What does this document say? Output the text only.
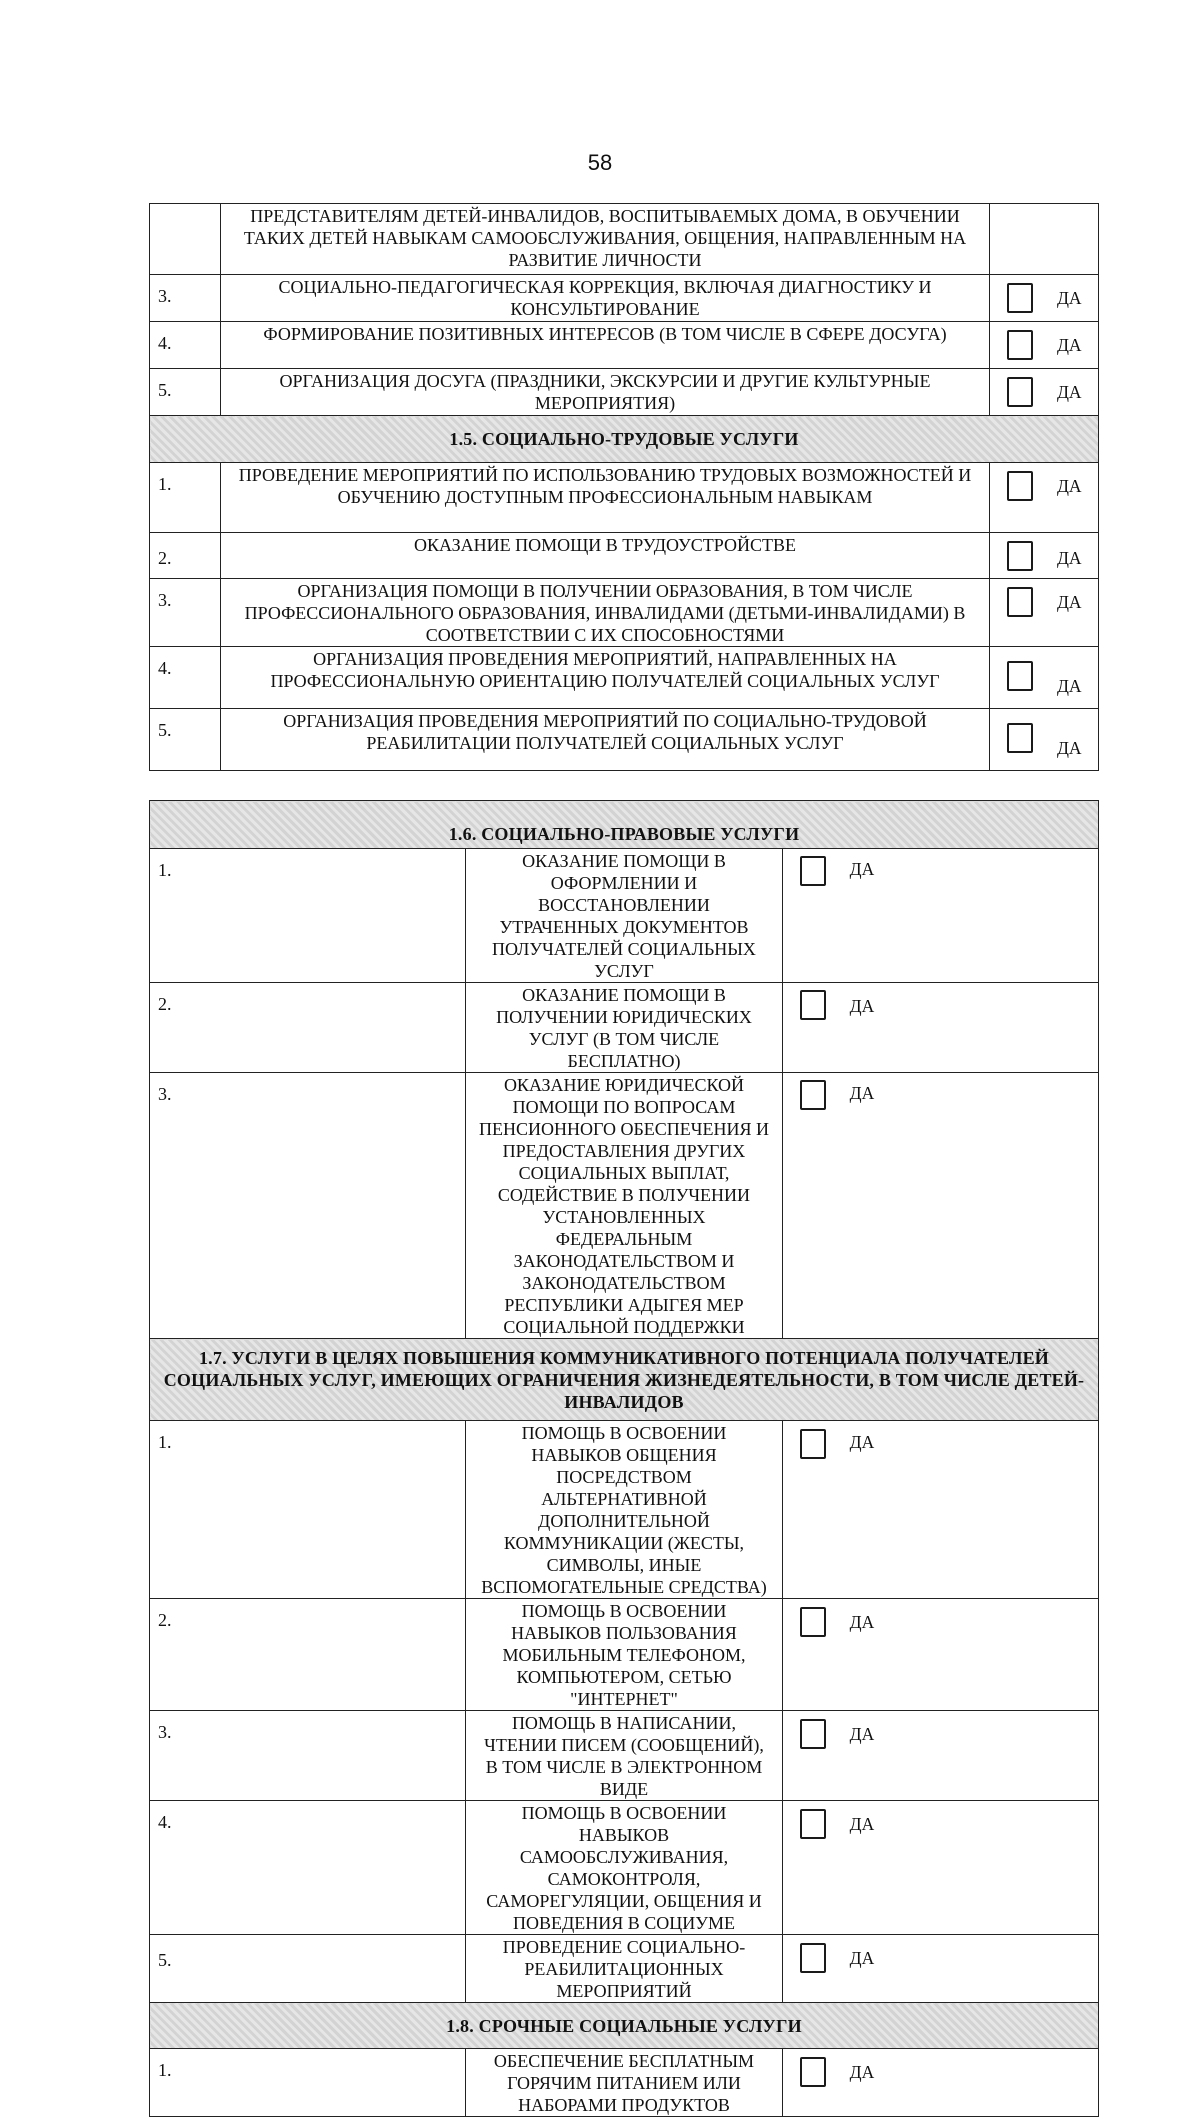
58
	ПРЕДСТАВИТЕЛЯМ ДЕТЕЙ-ИНВАЛИДОВ, ВОСПИТЫВАЕМЫХ ДОМА, В ОБУЧЕНИИ ТАКИХ ДЕТЕЙ НАВЫКАМ САМООБСЛУЖИВАНИЯ, ОБЩЕНИЯ, НАПРАВЛЕННЫМ НА РАЗВИТИЕ ЛИЧНОСТИ	
3.	СОЦИАЛЬНО-ПЕДАГОГИЧЕСКАЯ КОРРЕКЦИЯ, ВКЛЮЧАЯ ДИАГНОСТИКУ И КОНСУЛЬТИРОВАНИЕ	ДА

4.	ФОРМИРОВАНИЕ ПОЗИТИВНЫХ ИНТЕРЕСОВ (В ТОМ ЧИСЛЕ В СФЕРЕ ДОСУГА)	ДА

5.	ОРГАНИЗАЦИЯ ДОСУГА (ПРАЗДНИКИ, ЭКСКУРСИИ И ДРУГИЕ КУЛЬТУРНЫЕ МЕРОПРИЯТИЯ)	ДА

1.5. СОЦИАЛЬНО-ТРУДОВЫЕ УСЛУГИ		
1.	ПРОВЕДЕНИЕ МЕРОПРИЯТИЙ ПО ИСПОЛЬЗОВАНИЮ ТРУДОВЫХ ВОЗМОЖНОСТЕЙ И ОБУЧЕНИЮ ДОСТУПНЫМ ПРОФЕССИОНАЛЬНЫМ НАВЫКАМ	ДА

2.	ОКАЗАНИЕ ПОМОЩИ В ТРУДОУСТРОЙСТВЕ	ДА

3.	ОРГАНИЗАЦИЯ ПОМОЩИ В ПОЛУЧЕНИИ ОБРАЗОВАНИЯ, В ТОМ ЧИСЛЕ ПРОФЕССИОНАЛЬНОГО ОБРАЗОВАНИЯ, ИНВАЛИДАМИ (ДЕТЬМИ-ИНВАЛИДАМИ) В СООТВЕТСТВИИ С ИХ СПОСОБНОСТЯМИ	ДА

4.	ОРГАНИЗАЦИЯ ПРОВЕДЕНИЯ МЕРОПРИЯТИЙ, НАПРАВЛЕННЫХ НА ПРОФЕССИОНАЛЬНУЮ ОРИЕНТАЦИЮ ПОЛУЧАТЕЛЕЙ СОЦИАЛЬНЫХ УСЛУГ	ДА

5.	ОРГАНИЗАЦИЯ ПРОВЕДЕНИЯ МЕРОПРИЯТИЙ ПО СОЦИАЛЬНО-ТРУДОВОЙ РЕАБИЛИТАЦИИ ПОЛУЧАТЕЛЕЙ СОЦИАЛЬНЫХ УСЛУГ	ДА
1.6. СОЦИАЛЬНО-ПРАВОВЫЕ УСЛУГИ		
1.	ОКАЗАНИЕ ПОМОЩИ В ОФОРМЛЕНИИ И ВОССТАНОВЛЕНИИ УТРАЧЕННЫХ ДОКУМЕНТОВ ПОЛУЧАТЕЛЕЙ СОЦИАЛЬНЫХ УСЛУГ	ДА

2.	ОКАЗАНИЕ ПОМОЩИ В ПОЛУЧЕНИИ ЮРИДИЧЕСКИХ УСЛУГ (В ТОМ ЧИСЛЕ БЕСПЛАТНО)	ДА

3.	ОКАЗАНИЕ ЮРИДИЧЕСКОЙ ПОМОЩИ ПО ВОПРОСАМ ПЕНСИОННОГО ОБЕСПЕЧЕНИЯ И ПРЕДОСТАВЛЕНИЯ ДРУГИХ СОЦИАЛЬНЫХ ВЫПЛАТ, СОДЕЙСТВИЕ В ПОЛУЧЕНИИ УСТАНОВЛЕННЫХ ФЕДЕРАЛЬНЫМ ЗАКОНОДАТЕЛЬСТВОМ И ЗАКОНОДАТЕЛЬСТВОМ РЕСПУБЛИКИ АДЫГЕЯ МЕР СОЦИАЛЬНОЙ ПОДДЕРЖКИ	ДА

1.7. УСЛУГИ В ЦЕЛЯХ ПОВЫШЕНИЯ КОММУНИКАТИВНОГО ПОТЕНЦИАЛА ПОЛУЧАТЕЛЕЙ СОЦИАЛЬНЫХ УСЛУГ, ИМЕЮЩИХ ОГРАНИЧЕНИЯ ЖИЗНЕДЕЯТЕЛЬНОСТИ, В ТОМ ЧИСЛЕ ДЕТЕЙ-ИНВАЛИДОВ		
1.	ПОМОЩЬ В ОСВОЕНИИ НАВЫКОВ ОБЩЕНИЯ ПОСРЕДСТВОМ АЛЬТЕРНАТИВНОЙ ДОПОЛНИТЕЛЬНОЙ КОММУНИКАЦИИ (ЖЕСТЫ, СИМВОЛЫ, ИНЫЕ ВСПОМОГАТЕЛЬНЫЕ СРЕДСТВА)	ДА

2.	ПОМОЩЬ В ОСВОЕНИИ НАВЫКОВ ПОЛЬЗОВАНИЯ МОБИЛЬНЫМ ТЕЛЕФОНОМ, КОМПЬЮТЕРОМ, СЕТЬЮ "ИНТЕРНЕТ"	ДА

3.	ПОМОЩЬ В НАПИСАНИИ, ЧТЕНИИ ПИСЕМ (СООБЩЕНИЙ), В ТОМ ЧИСЛЕ В ЭЛЕКТРОННОМ ВИДЕ	ДА

4.	ПОМОЩЬ В ОСВОЕНИИ НАВЫКОВ САМООБСЛУЖИВАНИЯ, САМОКОНТРОЛЯ, САМОРЕГУЛЯЦИИ, ОБЩЕНИЯ И ПОВЕДЕНИЯ В СОЦИУМЕ	ДА

5.	ПРОВЕДЕНИЕ СОЦИАЛЬНО-РЕАБИЛИТАЦИОННЫХ МЕРОПРИЯТИЙ	ДА

1.8. СРОЧНЫЕ СОЦИАЛЬНЫЕ УСЛУГИ		
1.	ОБЕСПЕЧЕНИЕ БЕСПЛАТНЫМ ГОРЯЧИМ ПИТАНИЕМ ИЛИ НАБОРАМИ ПРОДУКТОВ	ДА
